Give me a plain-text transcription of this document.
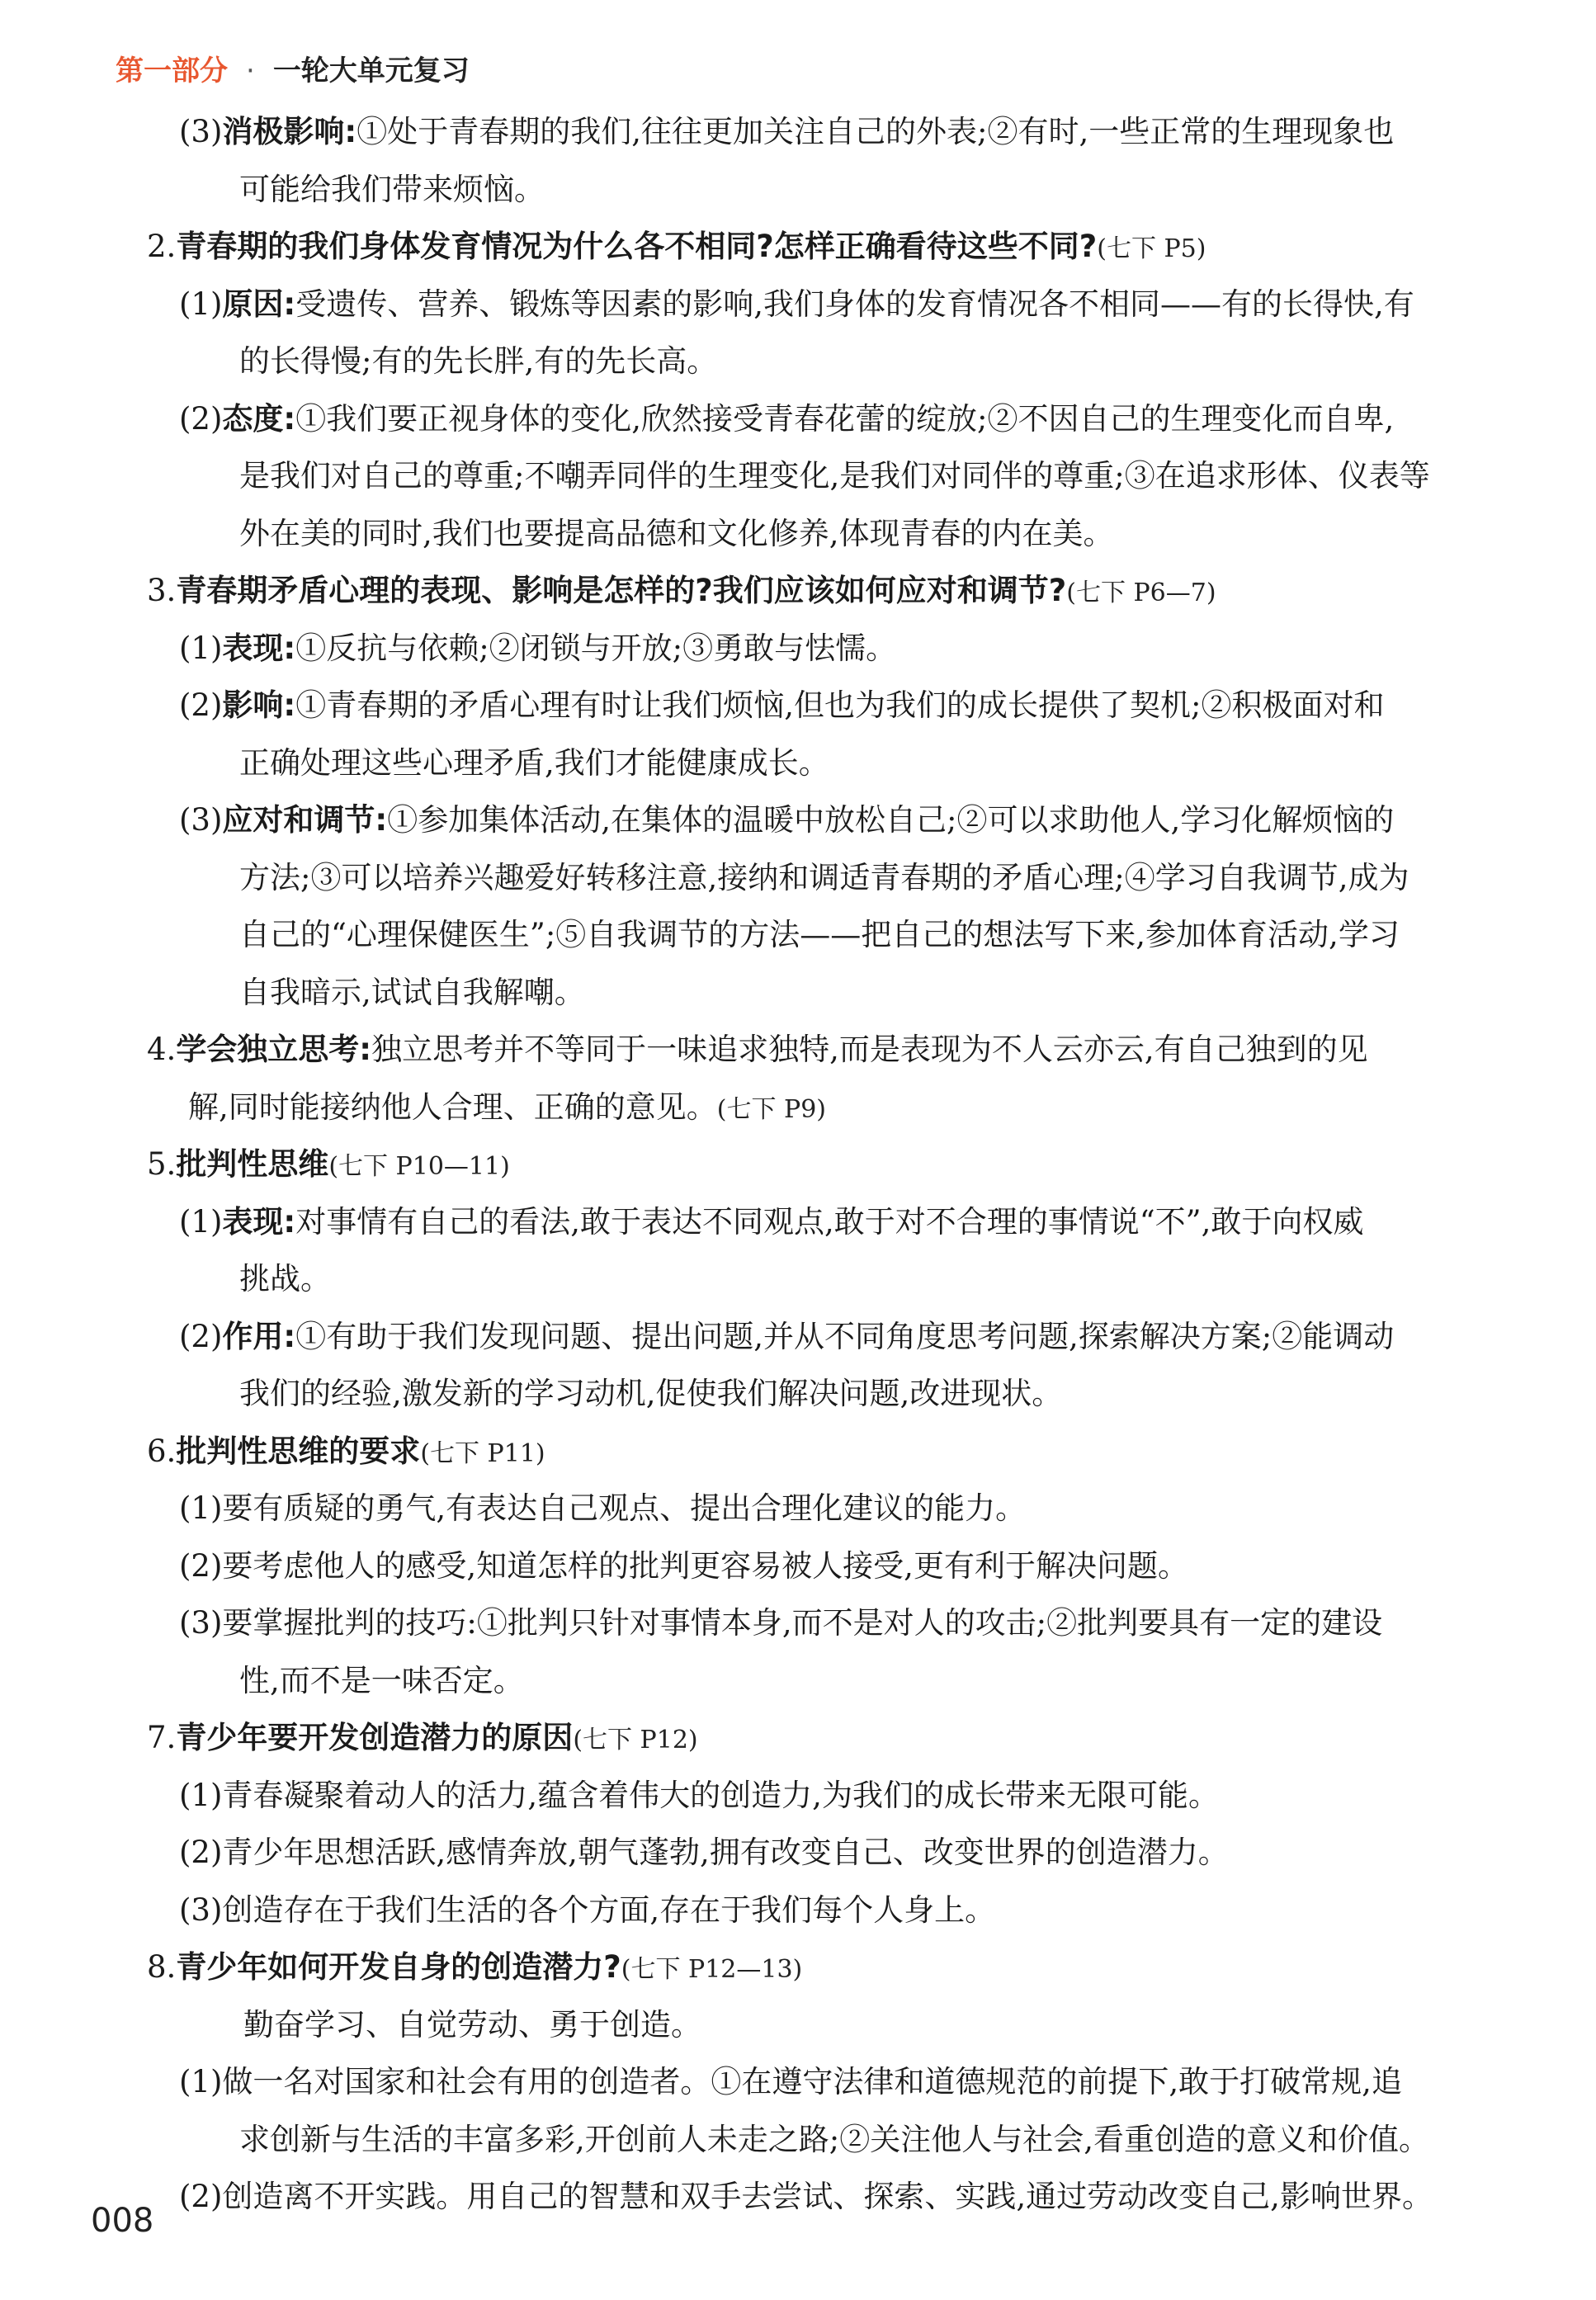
第一部分 · 一轮大单元复习
(3)消极影响:①处于青春期的我们,往往更加关注自己的外表;②有时,一些正常的生理现象也
可能给我们带来烦恼。
2.青春期的我们身体发育情况为什么各不相同?怎样正确看待这些不同?(七下 P5)
(1)原因:受遗传、营养、锻炼等因素的影响,我们身体的发育情况各不相同——有的长得快,有
的长得慢;有的先长胖,有的先长高。
(2)态度:①我们要正视身体的变化,欣然接受青春花蕾的绽放;②不因自己的生理变化而自卑,
是我们对自己的尊重;不嘲弄同伴的生理变化,是我们对同伴的尊重;③在追求形体、仪表等
外在美的同时,我们也要提高品德和文化修养,体现青春的内在美。
3.青春期矛盾心理的表现、影响是怎样的?我们应该如何应对和调节?(七下 P6—7)
(1)表现:①反抗与依赖;②闭锁与开放;③勇敢与怯懦。
(2)影响:①青春期的矛盾心理有时让我们烦恼,但也为我们的成长提供了契机;②积极面对和
正确处理这些心理矛盾,我们才能健康成长。
(3)应对和调节:①参加集体活动,在集体的温暖中放松自己;②可以求助他人,学习化解烦恼的
方法;③可以培养兴趣爱好转移注意,接纳和调适青春期的矛盾心理;④学习自我调节,成为
自己的“心理保健医生”;⑤自我调节的方法——把自己的想法写下来,参加体育活动,学习
自我暗示,试试自我解嘲。
4.学会独立思考:独立思考并不等同于一味追求独特,而是表现为不人云亦云,有自己独到的见
解,同时能接纳他人合理、正确的意见。(七下 P9)
5.批判性思维(七下 P10—11)
(1)表现:对事情有自己的看法,敢于表达不同观点,敢于对不合理的事情说“不”,敢于向权威
挑战。
(2)作用:①有助于我们发现问题、提出问题,并从不同角度思考问题,探索解决方案;②能调动
我们的经验,激发新的学习动机,促使我们解决问题,改进现状。
6.批判性思维的要求(七下 P11)
(1)要有质疑的勇气,有表达自己观点、提出合理化建议的能力。
(2)要考虑他人的感受,知道怎样的批判更容易被人接受,更有利于解决问题。
(3)要掌握批判的技巧:①批判只针对事情本身,而不是对人的攻击;②批判要具有一定的建设
性,而不是一味否定。
7.青少年要开发创造潜力的原因(七下 P12)
(1)青春凝聚着动人的活力,蕴含着伟大的创造力,为我们的成长带来无限可能。
(2)青少年思想活跃,感情奔放,朝气蓬勃,拥有改变自己、改变世界的创造潜力。
(3)创造存在于我们生活的各个方面,存在于我们每个人身上。
8.青少年如何开发自身的创造潜力?(七下 P12—13)
勤奋学习、自觉劳动、勇于创造。
(1)做一名对国家和社会有用的创造者。①在遵守法律和道德规范的前提下,敢于打破常规,追
求创新与生活的丰富多彩,开创前人未走之路;②关注他人与社会,看重创造的意义和价值。
(2)创造离不开实践。用自己的智慧和双手去尝试、探索、实践,通过劳动改变自己,影响世界。
008
